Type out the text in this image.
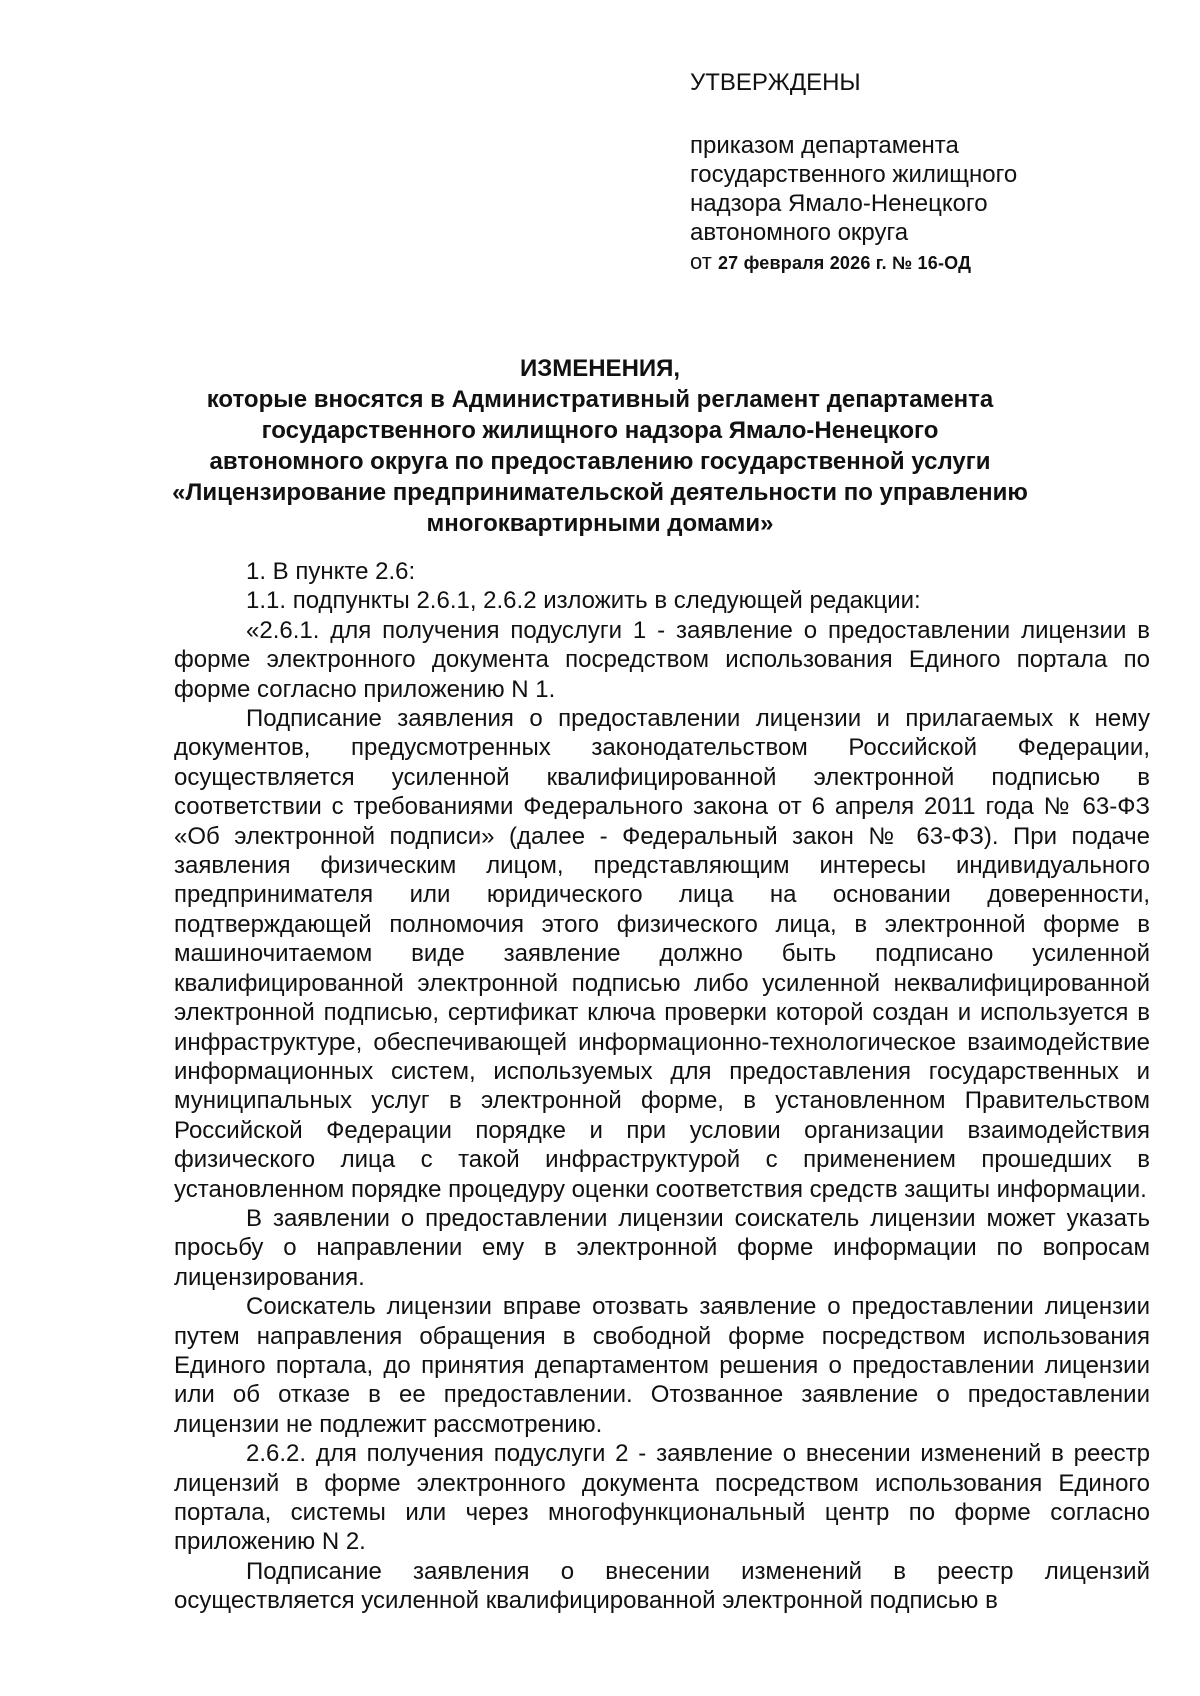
УТВЕРЖДЕНЫ
приказом департамента
государственного жилищного
надзора Ямало-Ненецкого
автономного округа
от 27 февраля 2026 г. № 16-ОД
ИЗМЕНЕНИЯ,
которые вносятся в Административный регламент департамента
государственного жилищного надзора Ямало-Ненецкого
автономного округа по предоставлению государственной услуги
«Лицензирование предпринимательской деятельности по управлению
многоквартирными домами»

1. В пункте 2.6:

1.1. подпункты 2.6.1, 2.6.2 изложить в следующей редакции:

«2.6.1. для получения подуслуги 1 - заявление о предоставлении лицензии в форме электронного документа посредством использования Единого портала по форме согласно приложению N 1.

Подписание заявления о предоставлении лицензии и прилагаемых к нему документов, предусмотренных законодательством Российской Федерации, осуществляется усиленной квалифицированной электронной подписью в соответствии с требованиями Федерального закона от 6 апреля 2011 года № 63-ФЗ «Об электронной подписи» (далее - Федеральный закон № 63-ФЗ). При подаче заявления физическим лицом, представляющим интересы индивидуального предпринимателя или юридического лица на основании доверенности, подтверждающей полномочия этого физического лица, в электронной форме в машиночитаемом виде заявление должно быть подписано усиленной квалифицированной электронной подписью либо усиленной неквалифицированной электронной подписью, сертификат ключа проверки которой создан и используется в инфраструктуре, обеспечивающей информационно-технологическое взаимодействие информационных систем, используемых для предоставления государственных и муниципальных услуг в электронной форме, в установленном Правительством Российской Федерации порядке и при условии организации взаимодействия физического лица с такой инфраструктурой с применением прошедших в установленном порядке процедуру оценки соответствия средств защиты информации.

В заявлении о предоставлении лицензии соискатель лицензии может указать просьбу о направлении ему в электронной форме информации по вопросам лицензирования.

Соискатель лицензии вправе отозвать заявление о предоставлении лицензии путем направления обращения в свободной форме посредством использования Единого портала, до принятия департаментом решения о предоставлении лицензии или об отказе в ее предоставлении. Отозванное заявление о предоставлении лицензии не подлежит рассмотрению.

2.6.2. для получения подуслуги 2 - заявление о внесении изменений в реестр лицензий в форме электронного документа посредством использования Единого портала, системы или через многофункциональный центр по форме согласно приложению N 2.

Подписание заявления о внесении изменений в реестр лицензий осуществляется усиленной квалифицированной электронной подписью в
